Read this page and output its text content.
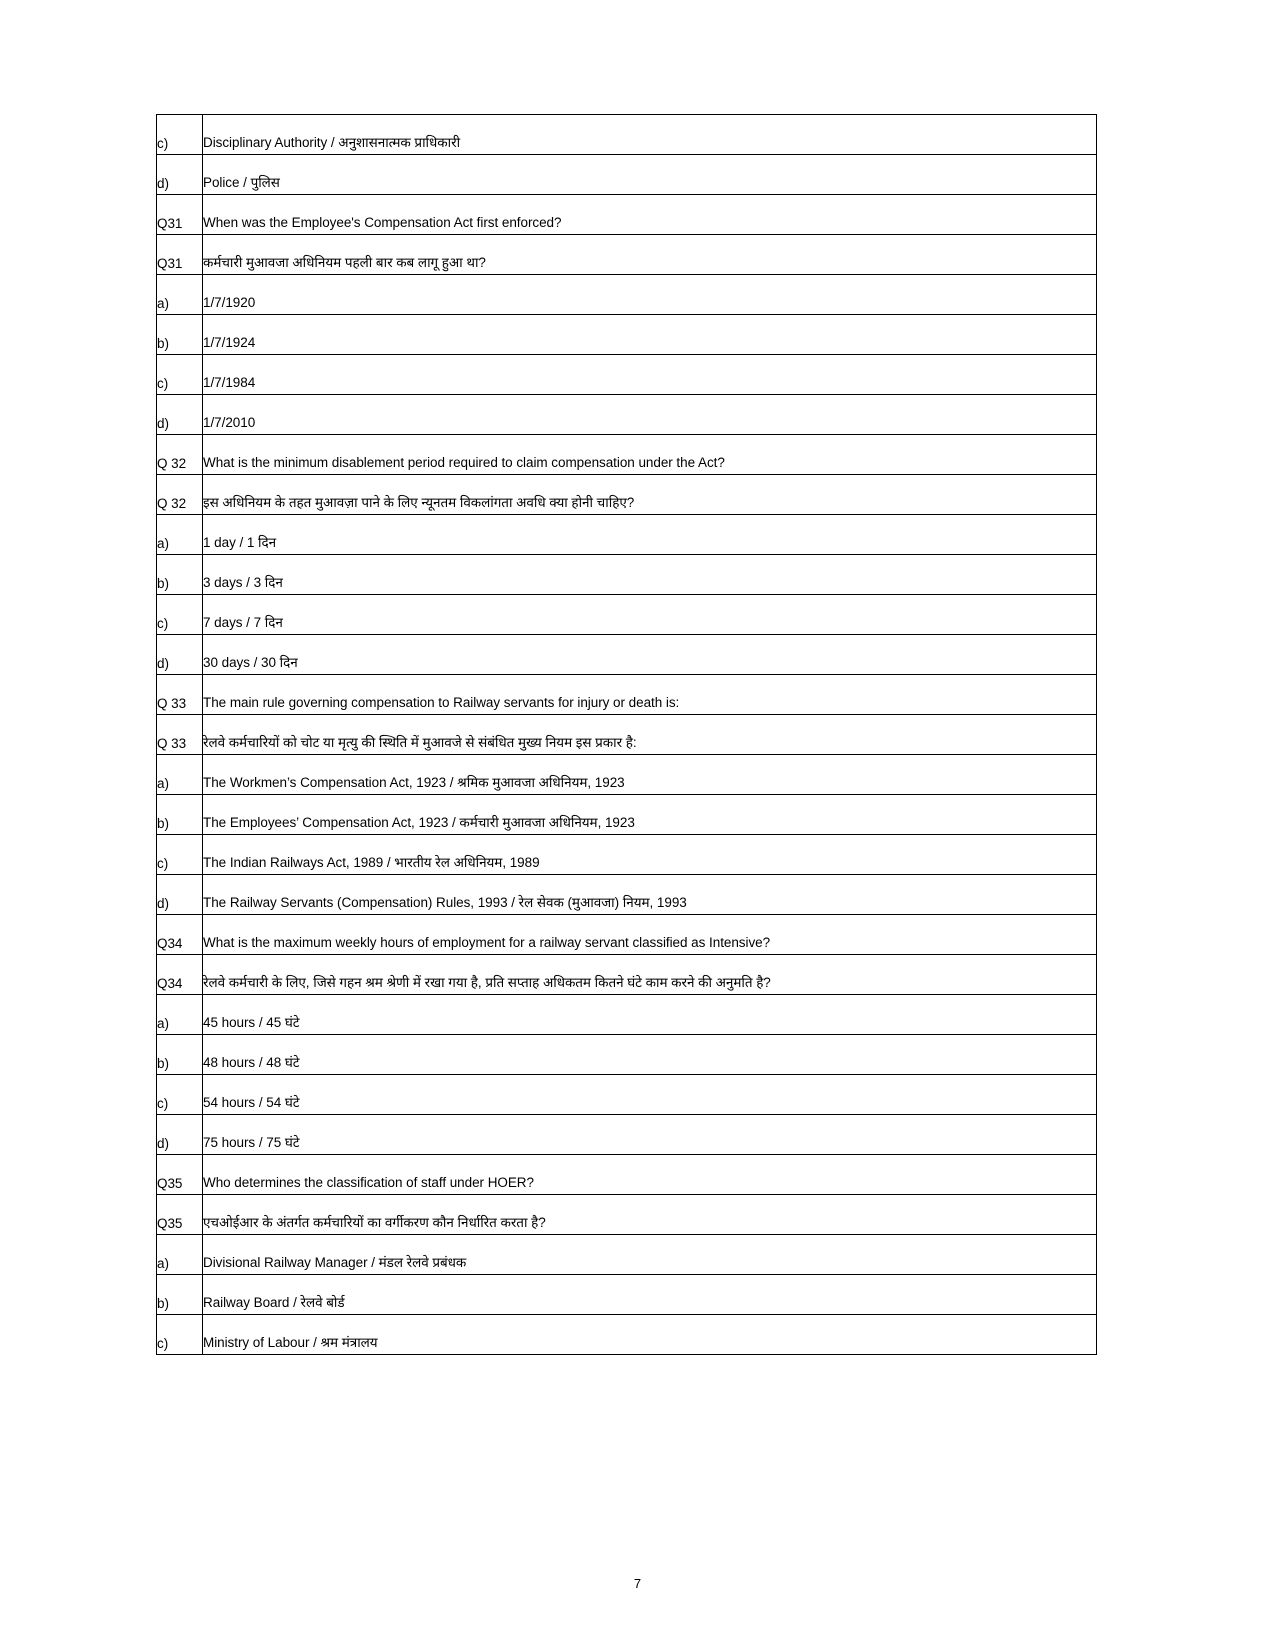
c)	Disciplinary Authority / अनुशासनात्मक प्राधिकारी
d)	Police / पुलिस
Q31	When was the Employee's Compensation Act first enforced?
Q31	कर्मचारी मुआवजा अधिनियम पहली बार कब लागू हुआ था?
a)	1/7/1920
b)	1/7/1924
c)	1/7/1984
d)	1/7/2010
Q 32	What is the minimum disablement period required to claim compensation under the Act?
Q 32	इस अधिनियम के तहत मुआवज़ा पाने के लिए न्यूनतम विकलांगता अवधि क्या होनी चाहिए?
a)	1 day / 1 दिन
b)	3 days / 3 दिन
c)	7 days / 7 दिन
d)	30 days / 30 दिन
Q 33	The main rule governing compensation to Railway servants for injury or death is:
Q 33	रेलवे कर्मचारियों को चोट या मृत्यु की स्थिति में मुआवजे से संबंधित मुख्य नियम इस प्रकार है:
a)	The Workmen’s Compensation Act, 1923 / श्रमिक मुआवजा अधिनियम, 1923
b)	The Employees’ Compensation Act, 1923 / कर्मचारी मुआवजा अधिनियम, 1923
c)	The Indian Railways Act, 1989 / भारतीय रेल अधिनियम, 1989
d)	The Railway Servants (Compensation) Rules, 1993 / रेल सेवक (मुआवजा) नियम, 1993
Q34	What is the maximum weekly hours of employment for a railway servant classified as Intensive?
Q34	रेलवे कर्मचारी के लिए, जिसे गहन श्रम श्रेणी में रखा गया है, प्रति सप्ताह अधिकतम कितने घंटे काम करने की अनुमति है?
a)	45 hours / 45 घंटे
b)	48 hours / 48 घंटे
c)	54 hours / 54 घंटे
d)	75 hours / 75 घंटे
Q35	Who determines the classification of staff under HOER?
Q35	एचओईआर के अंतर्गत कर्मचारियों का वर्गीकरण कौन निर्धारित करता है?
a)	Divisional Railway Manager / मंडल रेलवे प्रबंधक
b)	Railway Board / रेलवे बोर्ड
c)	Ministry of Labour / श्रम मंत्रालय
7
